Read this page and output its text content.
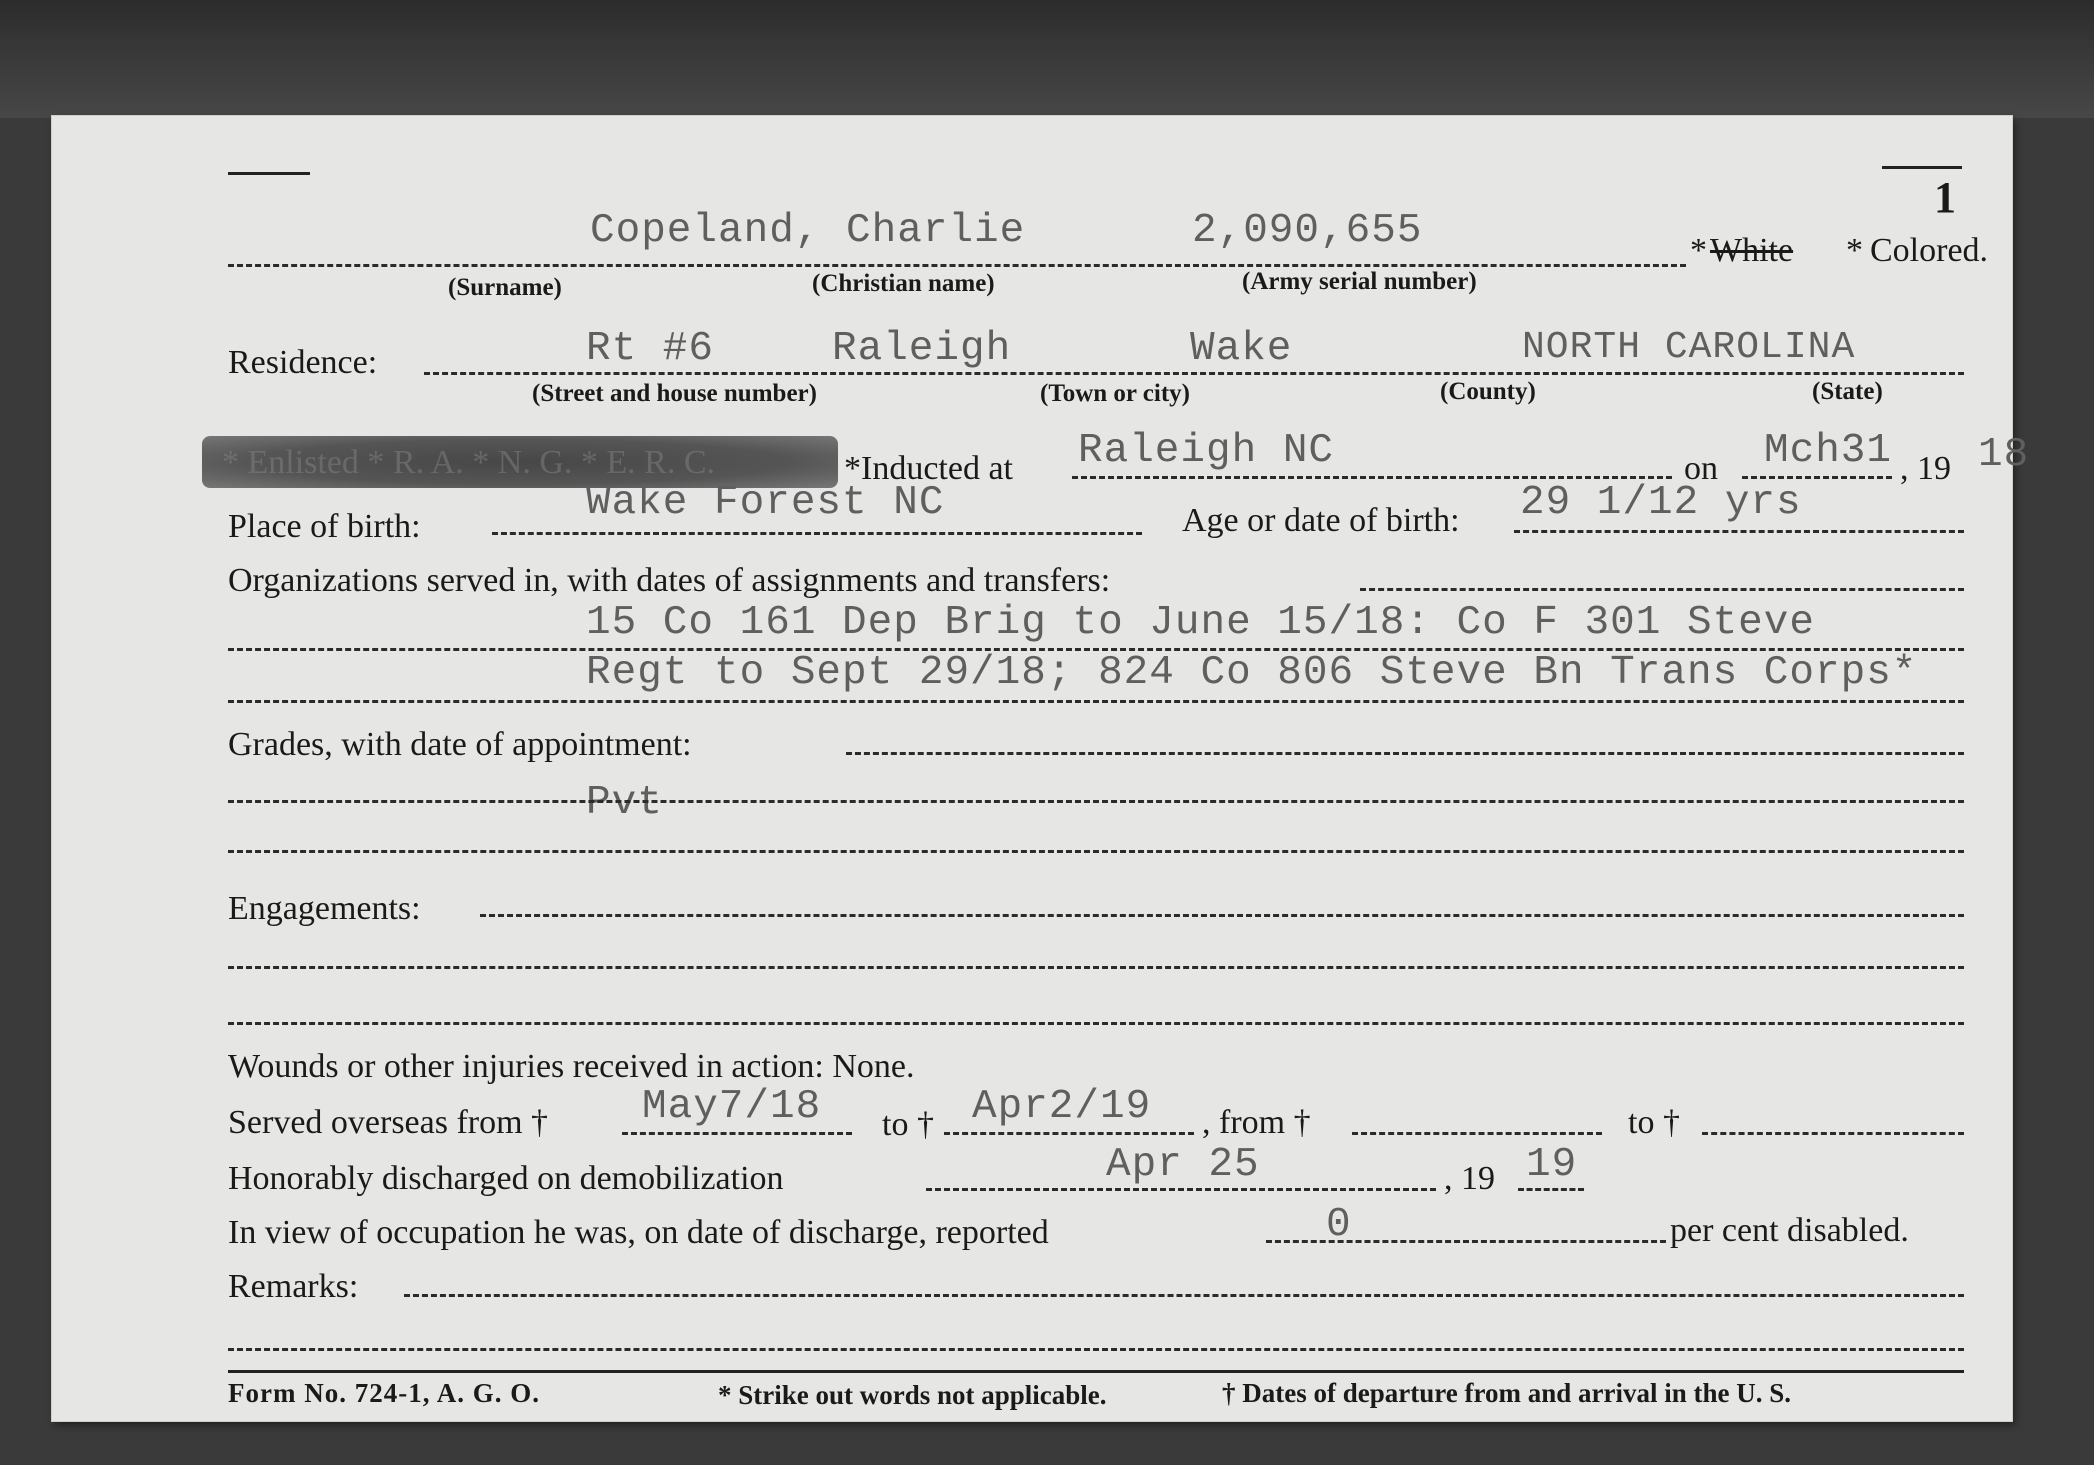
1
Copeland, Charlie	2,090,655	* White * Colored.
(Surname)	(Christian name)	(Army serial number)
Residence:	Rt #6	Raleigh	Wake	NORTH CAROLINA
(Street and house number)	(Town or city)	(County)	(State)
* Enlisted * R. A. * N. G. * E. R. C.	*Inducted at Raleigh NC	on Mch31 , 19 18
Place of birth:
Wake Forest NC	Age or date of birth: 29 1/12 yrs
Organizations served in, with dates of assignments and transfers:
15 Co 161 Dep Brig to June 15/18: Co F 301 Steve
Regt to Sept 29/18; 824 Co 806 Steve Bn Trans Corps*
Grades, with date of appointment:
Pvt
Engagements:
Wounds or other injuries received in action: None.
Served overseas from † May7/18 to † Apr2/19 , from †	to †
Honorably discharged on demobilization	Apr 25	, 19 19
In view of occupation he was, on date of discharge, reported	0	per cent disabled.
Remarks:
Form No. 724-1, A. G. O.	* Strike out words not applicable.	† Dates of departure from and arrival in the U. S.
